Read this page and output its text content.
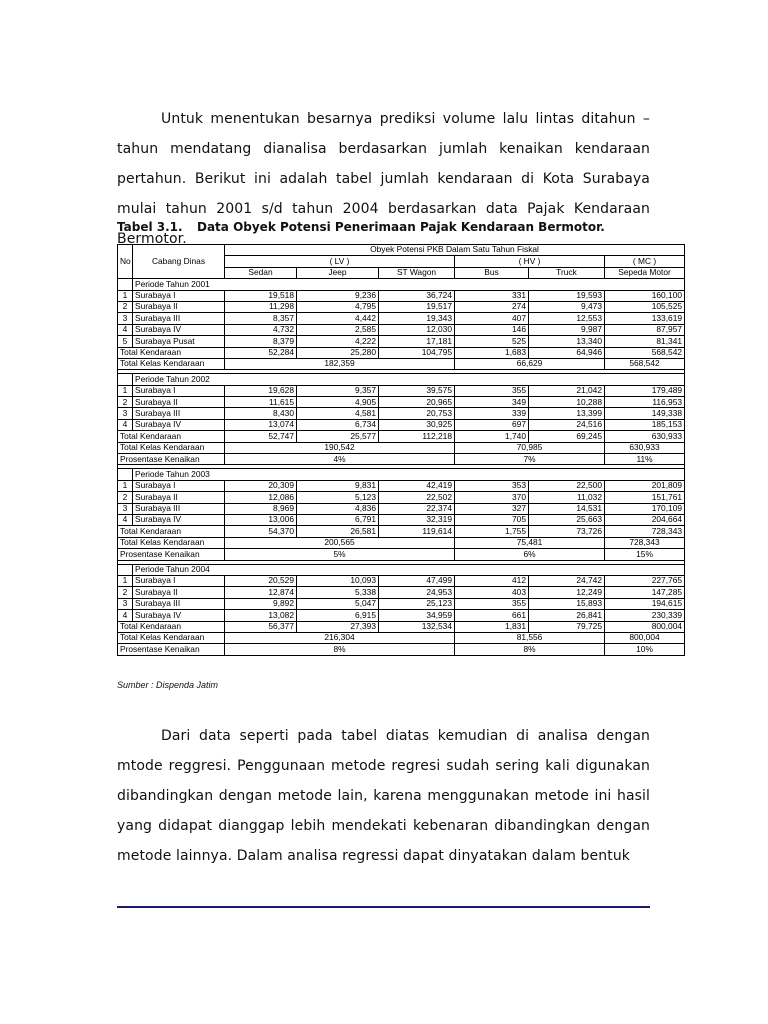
Untuk menentukan besarnya prediksi volume lalu lintas ditahun – tahun mendatang dianalisa berdasarkan jumlah kenaikan kendaraan pertahun. Berikut ini adalah tabel jumlah kendaraan di Kota Surabaya mulai tahun 2001 s/d tahun 2004 berdasarkan data Pajak Kendaraan Bermotor.

Tabel 3.1. Data Obyek Potensi Penerimaan Pajak Kendaraan Bermotor.
No	Cabang Dinas	Obyek Potensi PKB Dalam Satu Tahun Fiskal					
		( LV )			( HV )		( MC )
		Sedan	Jeep	ST Wagon	Bus	Truck	Sepeda Motor
	Periode Tahun 2001						
1	Surabaya I	19,518	9,236	36,724	331	19,593	160,100
2	Surabaya II	11,298	4,795	19,517	274	9,473	105,525
3	Surabaya III	8,357	4,442	19,343	407	12,553	133,619
4	Surabaya IV	4,732	2,585	12,030	146	9,987	87,957
5	Surabaya Pusat	8,379	4,222	17,181	525	13,340	81,341
Total Kendaraan		52,284	25,280	104,795	1,683	64,946	568,542
Total Kelas Kendaraan		182,359			66,629		568,542

	Periode Tahun 2002						
1	Surabaya I	19,628	9,357	39,575	355	21,042	179,489
2	Surabaya II	11,615	4,905	20,965	349	10,288	116,953
3	Surabaya III	8,430	4,581	20,753	339	13,399	149,338
4	Surabaya IV	13,074	6,734	30,925	697	24,516	185,153
Total Kendaraan		52,747	25,577	112,218	1,740	69,245	630,933
Total Kelas Kendaraan		190,542			70,985		630,933
Prosentase Kenaikan		4%			7%		11%

	Periode Tahun 2003						
1	Surabaya I	20,309	9,831	42,419	353	22,500	201,809
2	Surabaya II	12,086	5,123	22,502	370	11,032	151,761
3	Surabaya III	8,969	4,836	22,374	327	14,531	170,109
4	Surabaya IV	13,006	6,791	32,319	705	25,663	204,664
Total Kendaraan		54,370	26,581	119,614	1,755	73,726	728,343
Total Kelas Kendaraan		200,565			75,481		728,343
Prosentase Kenaikan		5%			6%		15%

	Periode Tahun 2004						
1	Surabaya I	20,529	10,093	47,499	412	24,742	227,765
2	Surabaya II	12,874	5,338	24,953	403	12,249	147,285
3	Surabaya III	9,892	5,047	25,123	355	15,893	194,615
4	Surabaya IV	13,082	6,915	34,959	661	26,841	230,339
Total Kendaraan		56,377	27,393	132,534	1,831	79,725	800,004
Total Kelas Kendaraan		216,304			81,556		800,004
Prosentase Kenaikan		8%			8%		10%
Sumber : Dispenda Jatim

Dari data seperti pada tabel diatas kemudian di analisa dengan mtode reggresi. Penggunaan metode regresi sudah sering kali digunakan dibandingkan dengan metode lain, karena menggunakan metode ini hasil yang didapat dianggap lebih mendekati kebenaran dibandingkan dengan metode lainnya. Dalam analisa regressi dapat dinyatakan dalam bentuk
